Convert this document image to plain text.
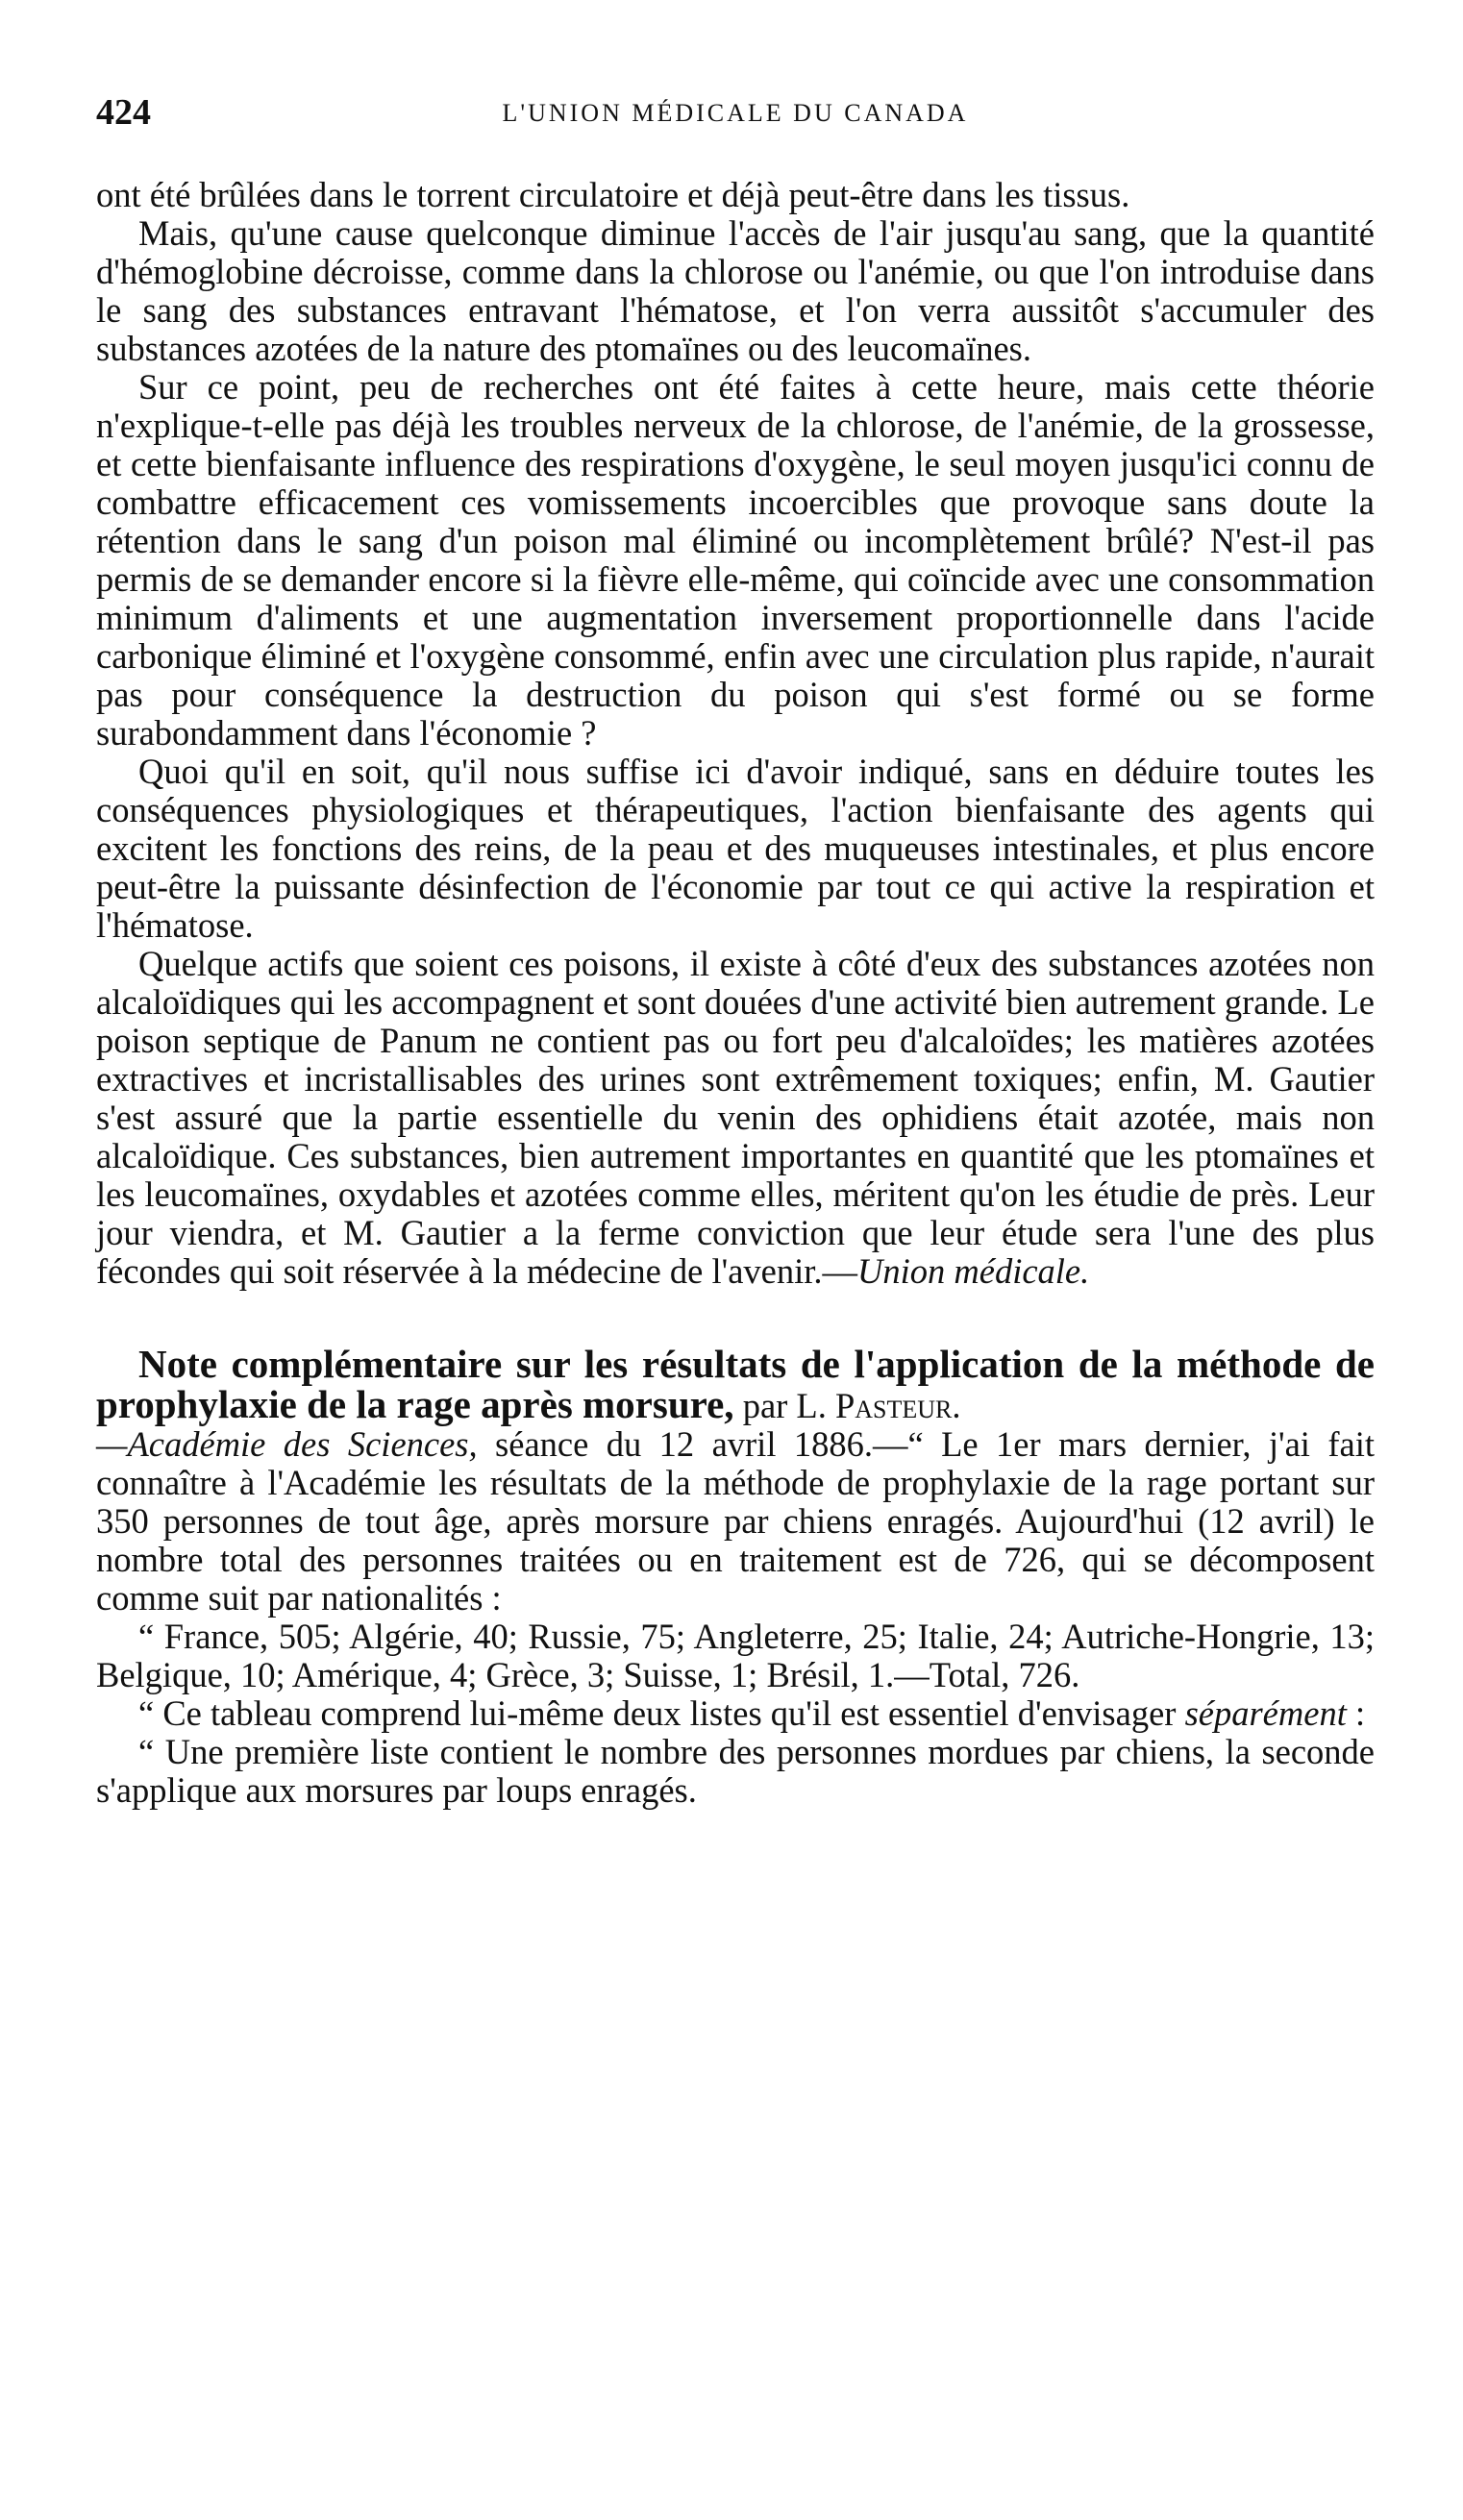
424	L'UNION MÉDICALE DU CANADA

ont été brûlées dans le torrent circulatoire et déjà peut-être dans les tissus.

Mais, qu'une cause quelconque diminue l'accès de l'air jusqu'au sang, que la quantité d'hémoglobine décroisse, comme dans la chlorose ou l'anémie, ou que l'on introduise dans le sang des substances entravant l'hématose, et l'on verra aussitôt s'accumuler des substances azotées de la nature des ptomaïnes ou des leucomaïnes.

Sur ce point, peu de recherches ont été faites à cette heure, mais cette théorie n'explique-t-elle pas déjà les troubles nerveux de la chlorose, de l'anémie, de la grossesse, et cette bienfaisante influence des respirations d'oxygène, le seul moyen jusqu'ici connu de combattre efficacement ces vomissements incoercibles que provoque sans doute la rétention dans le sang d'un poison mal éliminé ou incomplètement brûlé? N'est-il pas permis de se demander encore si la fièvre elle-même, qui coïncide avec une consommation minimum d'aliments et une augmentation inversement proportionnelle dans l'acide carbonique éliminé et l'oxygène consommé, enfin avec une circulation plus rapide, n'aurait pas pour conséquence la destruction du poison qui s'est formé ou se forme surabondamment dans l'économie ?

Quoi qu'il en soit, qu'il nous suffise ici d'avoir indiqué, sans en déduire toutes les conséquences physiologiques et thérapeutiques, l'action bienfaisante des agents qui excitent les fonctions des reins, de la peau et des muqueuses intestinales, et plus encore peut-être la puissante désinfection de l'économie par tout ce qui active la respiration et l'hématose.

Quelque actifs que soient ces poisons, il existe à côté d'eux des substances azotées non alcaloïdiques qui les accompagnent et sont douées d'une activité bien autrement grande. Le poison septique de Panum ne contient pas ou fort peu d'alcaloïdes; les matières azotées extractives et incristallisables des urines sont extrêmement toxiques; enfin, M. Gautier s'est assuré que la partie essentielle du venin des ophidiens était azotée, mais non alcaloïdique. Ces substances, bien autrement importantes en quantité que les ptomaïnes et les leucomaïnes, oxydables et azotées comme elles, méritent qu'on les étudie de près. Leur jour viendra, et M. Gautier a la ferme conviction que leur étude sera l'une des plus fécondes qui soit réservée à la médecine de l'avenir.—Union médicale.

Note complémentaire sur les résultats de l'application de la méthode de prophylaxie de la rage après morsure, par L. Pasteur.

—Académie des Sciences, séance du 12 avril 1886.—“ Le 1er mars dernier, j'ai fait connaître à l'Académie les résultats de la méthode de prophylaxie de la rage portant sur 350 personnes de tout âge, après morsure par chiens enragés. Aujourd'hui (12 avril) le nombre total des personnes traitées ou en traitement est de 726, qui se décomposent comme suit par nationalités :

“ France, 505; Algérie, 40; Russie, 75; Angleterre, 25; Italie, 24; Autriche-Hongrie, 13; Belgique, 10; Amérique, 4; Grèce, 3; Suisse, 1; Brésil, 1.—Total, 726.

“ Ce tableau comprend lui-même deux listes qu'il est essentiel d'envisager séparément :

“ Une première liste contient le nombre des personnes mordues par chiens, la seconde s'applique aux morsures par loups enragés.
